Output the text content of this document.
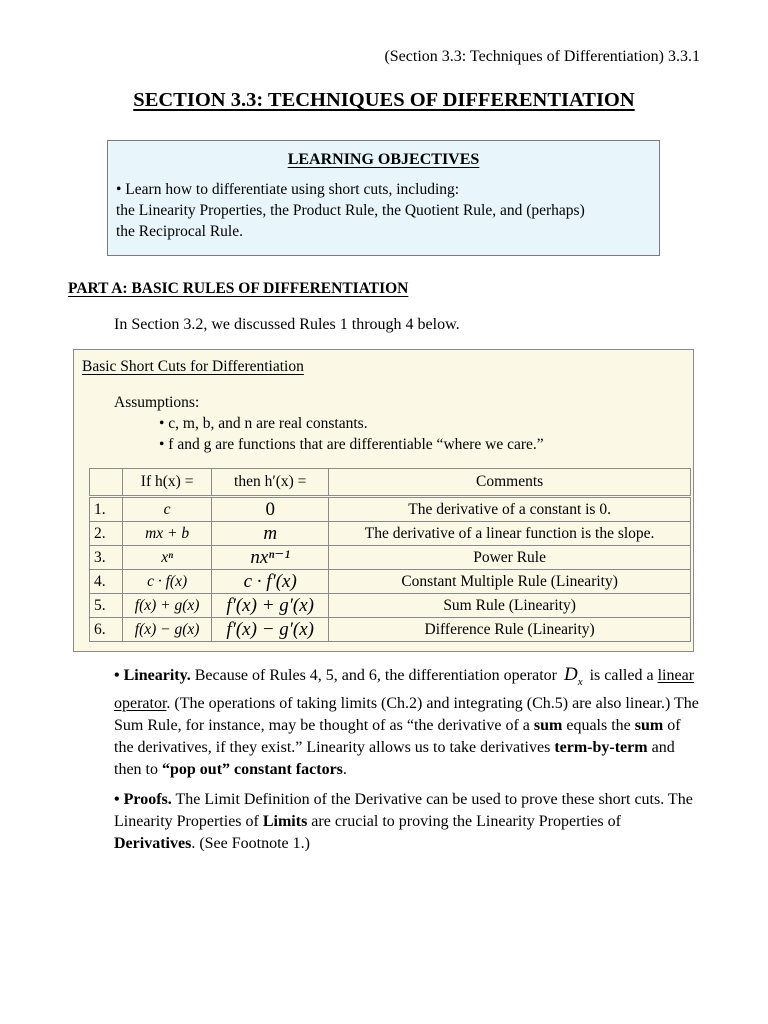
(Section 3.3: Techniques of Differentiation) 3.3.1
SECTION 3.3: TECHNIQUES OF DIFFERENTIATION
LEARNING OBJECTIVES
• Learn how to differentiate using short cuts, including:
the Linearity Properties, the Product Rule, the Quotient Rule, and (perhaps)
the Reciprocal Rule.
PART A: BASIC RULES OF DIFFERENTIATION
In Section 3.2, we discussed Rules 1 through 4 below.
Basic Short Cuts for Differentiation
Assumptions:
• c, m, b, and n are real constants.
• f and g are functions that are differentiable “where we care.”
	If h(x) =	then h′(x) =	Comments
1.	c	0	The derivative of a constant is 0.
2.	mx + b	m	The derivative of a linear function is the slope.
3.	xⁿ	nxⁿ⁻¹	Power Rule
4.	c · f(x)	c · f′(x)	Constant Multiple Rule (Linearity)
5.	f(x) + g(x)	f′(x) + g′(x)	Sum Rule (Linearity)
6.	f(x) − g(x)	f′(x) − g′(x)	Difference Rule (Linearity)
• Linearity. Because of Rules 4, 5, and 6, the differentiation operator $D_x$ is called a linear operator. (The operations of taking limits (Ch.2) and integrating (Ch.5) are also linear.) The Sum Rule, for instance, may be thought of as “the derivative of a sum equals the sum of the derivatives, if they exist.” Linearity allows us to take derivatives term-by-term and then to “pop out” constant factors.
• Proofs. The Limit Definition of the Derivative can be used to prove these short cuts. The Linearity Properties of Limits are crucial to proving the Linearity Properties of Derivatives. (See Footnote 1.)
